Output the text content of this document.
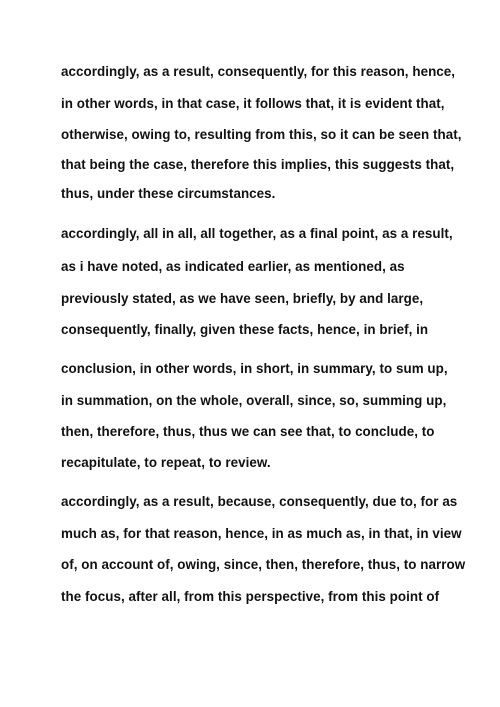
accordingly, as a result, consequently, for this reason, hence,
in other words, in that case, it follows that, it is evident that,
otherwise, owing to, resulting from this, so it can be seen that,
that being the case, therefore this implies, this suggests that,
thus, under these circumstances.
accordingly, all in all, all together, as a final point, as a result,
as i have noted, as indicated earlier, as mentioned, as
previously stated, as we have seen, briefly, by and large,
consequently, finally, given these facts, hence, in brief, in
conclusion, in other words, in short, in summary, to sum up,
in summation, on the whole, overall, since, so, summing up,
then, therefore, thus, thus we can see that, to conclude, to
recapitulate, to repeat, to review.
accordingly, as a result, because, consequently, due to, for as
much as, for that reason, hence, in as much as, in that, in view
of, on account of, owing, since, then, therefore, thus, to narrow
the focus, after all, from this perspective, from this point of
